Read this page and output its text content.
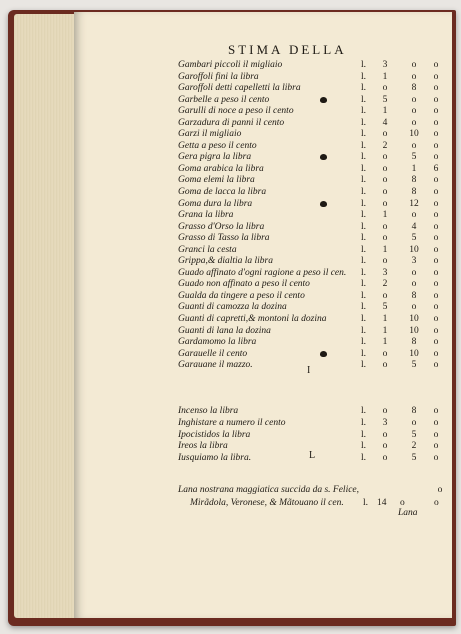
STIMA DELLA

Gambari piccoli il migliaio	l.	3	o	o
Garoffoli fini la libra	l.	1	o	o
Garoffoli detti capelletti la libra	l.	o	8	o
Garbelle a peso il cento	l.	5	o	o
Garulli di noce a peso il cento	l.	1	o	o
Garzadura di panni il cento	l.	4	o	o
Garzi il migliaio	l.	o	10	o
Getta a peso il cento	l.	2	o	o
Gera pigra la libra	l.	o	5	o
Goma arabica la libra	l.	o	1	6
Goma elemi la libra	l.	o	8	o
Goma de lacca la libra	l.	o	8	o
Goma dura la libra	l.	o	12	o
Grana la libra	l.	1	o	o
Grasso d'Orso la libra	l.	o	4	o
Grasso di Tasso la libra	l.	o	5	o
Granci la cesta	l.	1	10	o
Grippa,& dialtia la libra	l.	o	3	o
Guado affinato d'ogni ragione a peso il cen. l.	3	o	o
Guado non affinato a peso il cento	l.	2	o	o
Gualda da tingere a peso il cento	l.	o	8	o
Guanti di camozza la dozina	l.	5	o	o
Guanti di capretti,& montoni la dozina	l.	1	10	o
Guanti di lana la dozina	l.	1	10	o
Gardamomo la libra	l.	1	8	o
Garauelle il cento	l.	o	10	o
Garauane il mazzo.	l.	o	5	o
Incenso la libra	l.	o	8	o
Inghistare a numero il cento	l.	3	o	o
Ipocistidos la libra	l.	o	5	o
Ireos la libra	l.	o	2	o
Iusquiamo la libra.	l.	o	5	o
Lana nostrana maggiatica succida da s. Felice,	o
Mirãdola, Veronese, & Mãtouano il cen. l. 14 o	o
Lana
I
L
